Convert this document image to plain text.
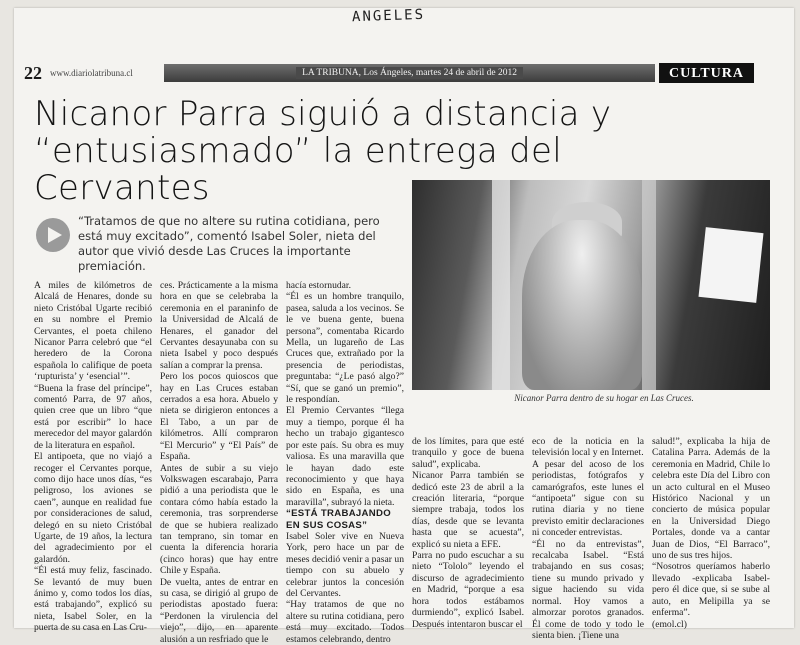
ANGELES
22 www.diariolatribuna.cl	LA TRIBUNA, Los Ángeles, martes 24 de abril de 2012	CULTURA
Nicanor Parra siguió a distancia y “entusiasmado” la entrega del Cervantes

“Tratamos de que no altere su rutina cotidiana, pero está muy excitado”, comentó Isabel Soler, nieta del autor que vivió desde Las Cruces la importante premiación.

Nicanor Parra dentro de su hogar en Las Cruces.

A miles de kilómetros de Alcalá de Henares, donde su nieto Cristóbal Ugarte recibió en su nombre el Premio Cervantes, el poeta chileno Nicanor Parra celebró que “el heredero de la Corona española lo califique de poeta ‘rupturista’ y ‘esencial’”.

“Buena la frase del príncipe”, comentó Parra, de 97 años, quien cree que un libro “que está por escribir” lo hace merecedor del mayor galardón de la literatura en español.

El antipoeta, que no viajó a recoger el Cervantes porque, como dijo hace unos días, “es peligroso, los aviones se caen”, aunque en realidad fue por consideraciones de salud, delegó en su nieto Cristóbal Ugarte, de 19 años, la lectura del agradecimiento por el galardón.

“Él está muy feliz, fascinado. Se levantó de muy buen ánimo y, como todos los días, está trabajando”, explicó su nieta, Isabel Soler, en la puerta de su casa en Las Cru-

ces. Prácticamente a la misma hora en que se celebraba la ceremonia en el paraninfo de la Universidad de Alcalá de Henares, el ganador del Cervantes desayunaba con su nieta Isabel y poco después salían a comprar la prensa.

Pero los pocos quioscos que hay en Las Cruces estaban cerrados a esa hora. Abuelo y nieta se dirigieron entonces a El Tabo, a un par de kilómetros. Allí compraron “El Mercurio” y “El País” de España.

Antes de subir a su viejo Volkswagen escarabajo, Parra pidió a una periodista que le contara cómo había estado la ceremonia, tras sorprenderse de que se hubiera realizado tan temprano, sin tomar en cuenta la diferencia horaria (cinco horas) que hay entre Chile y España.

De vuelta, antes de entrar en su casa, se dirigió al grupo de periodistas apostado fuera: “Perdonen la virulencia del viejo”, dijo, en aparente alusión a un resfriado que le

hacía estornudar.

“Él es un hombre tranquilo, pasea, saluda a los vecinos. Se le ve buena gente, buena persona”, comentaba Ricardo Mella, un lugareño de Las Cruces que, extrañado por la presencia de periodistas, preguntaba: “¿Le pasó algo?” “Sí, que se ganó un premio”, le respondían.

El Premio Cervantes “llega muy a tiempo, porque él ha hecho un trabajo gigantesco por este país. Su obra es muy valiosa. Es una maravilla que le hayan dado este reconocimiento y que haya sido en España, es una maravilla”, subrayó la nieta.

“ESTÁ TRABAJANDO EN SUS COSAS”

Isabel Soler vive en Nueva York, pero hace un par de meses decidió venir a pasar un tiempo con su abuelo y celebrar juntos la concesión del Cervantes.

“Hay tratamos de que no altere su rutina cotidiana, pero está muy excitado. Todos estamos celebrando, dentro

de los límites, para que esté tranquilo y goce de buena salud”, explicaba.

Nicanor Parra también se dedicó este 23 de abril a la creación literaria, “porque siempre trabaja, todos los días, desde que se levanta hasta que se acuesta”, explicó su nieta a EFE.

Parra no pudo escuchar a su nieto “Tololo” leyendo el discurso de agradecimiento en Madrid, “porque a esa hora todos estábamos durmiendo”, explicó Isabel. Después intentaron buscar el

eco de la noticia en la televisión local y en Internet.

A pesar del acoso de los periodistas, fotógrafos y camarógrafos, este lunes el “antipoeta” sigue con su rutina diaria y no tiene previsto emitir declaraciones ni conceder entrevistas.

“Él no da entrevistas”, recalcaba Isabel. “Está trabajando en sus cosas; tiene su mundo privado y sigue haciendo su vida normal. Hoy vamos a almorzar porotos granados. Él come de todo y todo le sienta bien. ¡Tiene una

salud!”, explicaba la hija de Catalina Parra. Además de la ceremonia en Madrid, Chile lo celebra este Día del Libro con un acto cultural en el Museo Histórico Nacional y un concierto de música popular en la Universidad Diego Portales, donde va a cantar Juan de Dios, “El Barraco”, uno de sus tres hijos.

“Nosotros queríamos haberlo llevado -explicaba Isabel- pero él dice que, si se sube al auto, en Melipilla ya se enferma”.

(emol.cl)
